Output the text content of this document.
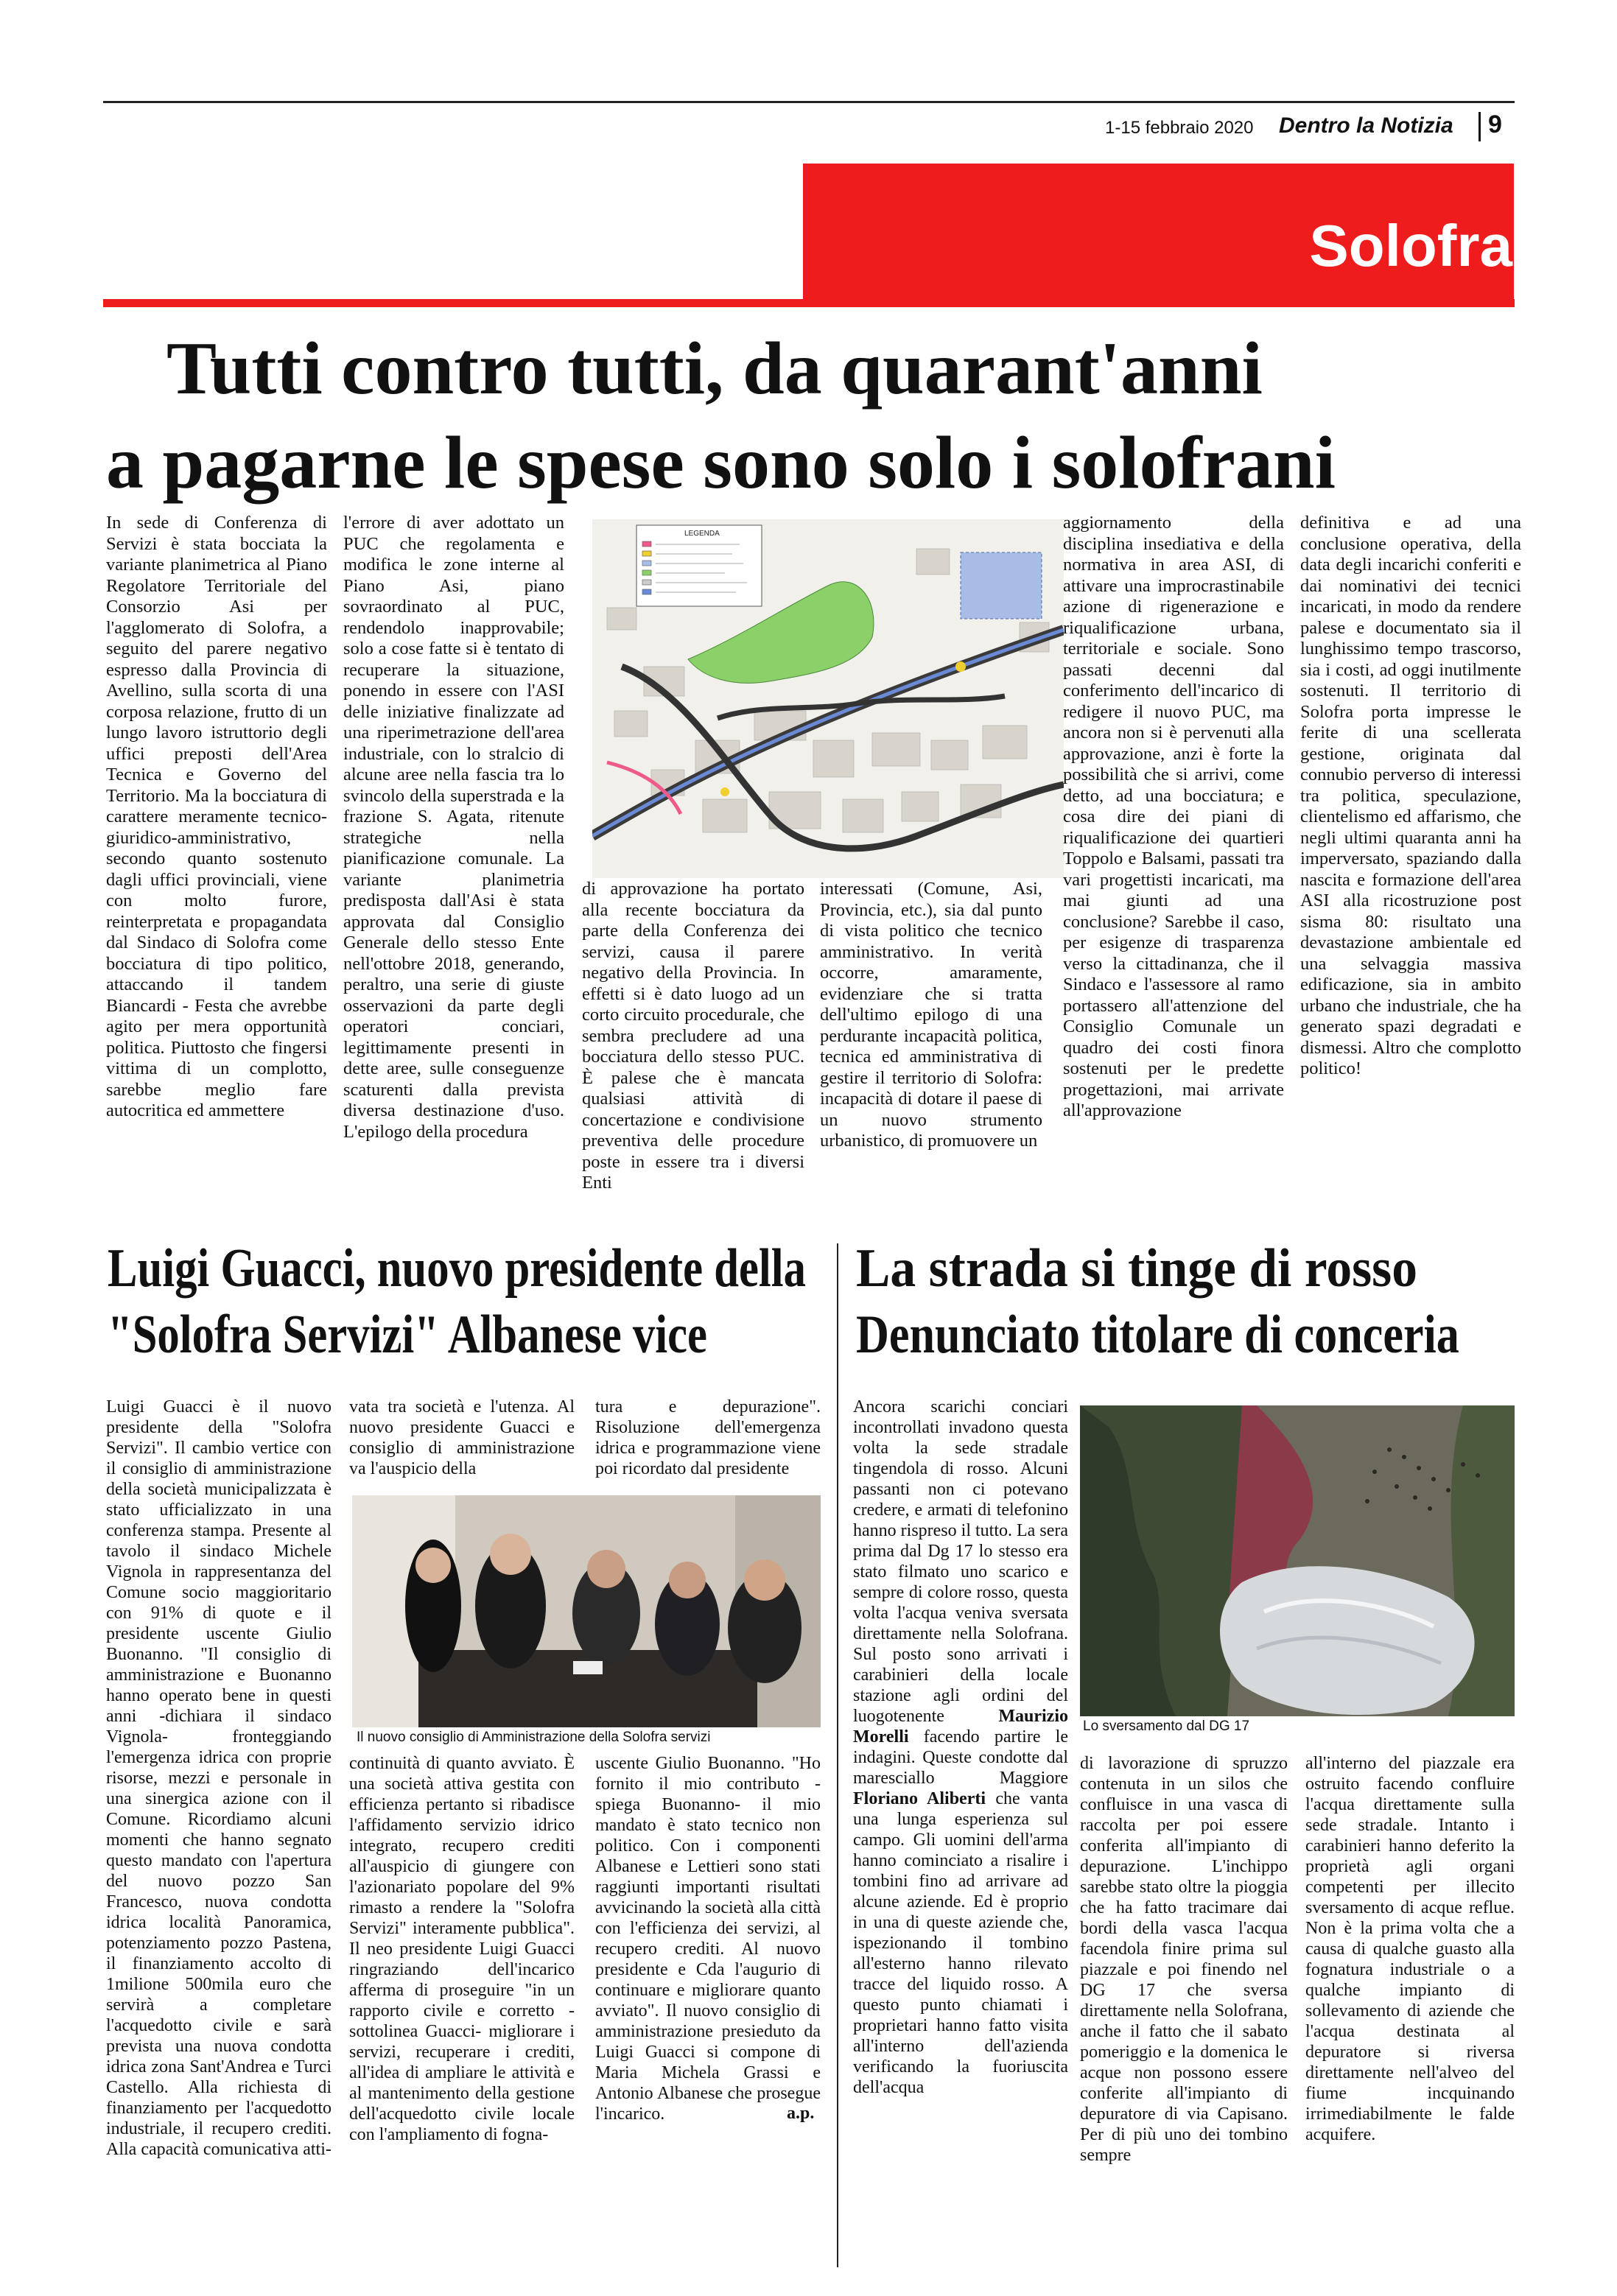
1-15 febbraio 2020 Dentro la Notizia 9
Solofra
Tutti contro tutti, da quarant'anni
a pagarne le spese sono solo i solofrani

In sede di Conferenza di Servizi è stata bocciata la variante planimetrica al Piano Regolatore Territoriale del Consorzio Asi per l'agglomerato di Solofra, a seguito del parere negativo espresso dalla Provincia di Avellino, sulla scorta di una corposa relazione, frutto di un lungo lavoro istruttorio degli uffici preposti dell'Area Tecnica e Governo del Territorio. Ma la bocciatura di carattere meramente tecnico-giuridico-amministrativo, secondo quanto sostenuto dagli uffici provinciali, viene con molto furore, reinterpretata e propagandata dal Sindaco di Solofra come bocciatura di tipo politico, attaccando il tandem Biancardi - Festa che avrebbe agito per mera opportunità politica. Piuttosto che fingersi vittima di un complotto, sarebbe meglio fare autocritica ed ammettere

l'errore di aver adottato un PUC che regolamenta e modifica le zone interne al Piano Asi, piano sovraordinato al PUC, rendendolo inapprovabile; solo a cose fatte si è tentato di recuperare la situazione, ponendo in essere con l'ASI delle iniziative finalizzate ad una riperimetrazione dell'area industriale, con lo stralcio di alcune aree nella fascia tra lo svincolo della superstrada e la frazione S. Agata, ritenute strategiche nella pianificazione comunale. La variante planimetria predisposta dall'Asi è stata approvata dal Consiglio Generale dello stesso Ente nell'ottobre 2018, generando, peraltro, una serie di giuste osservazioni da parte degli operatori conciari, legittimamente presenti in dette aree, sulle conseguenze scaturenti dalla prevista diversa destinazione d'uso. L'epilogo della procedura

LEGENDA

di approvazione ha portato alla recente bocciatura da parte della Conferenza dei servizi, causa il parere negativo della Provincia. In effetti si è dato luogo ad un corto circuito procedurale, che sembra precludere ad una bocciatura dello stesso PUC. È palese che è mancata qualsiasi attività di concertazione e condivisione preventiva delle procedure poste in essere tra i diversi Enti

interessati (Comune, Asi, Provincia, etc.), sia dal punto di vista politico che tecnico amministrativo. In verità occorre, amaramente, evidenziare che si tratta dell'ultimo epilogo di una perdurante incapacità politica, tecnica ed amministrativa di gestire il territorio di Solofra: incapacità di dotare il paese di un nuovo strumento urbanistico, di promuovere un

aggiornamento della disciplina insediativa e della normativa in area ASI, di attivare una improcrastinabile azione di rigenerazione e riqualificazione urbana, territoriale e sociale. Sono passati decenni dal conferimento dell'incarico di redigere il nuovo PUC, ma ancora non si è pervenuti alla approvazione, anzi è forte la possibilità che si arrivi, come detto, ad una bocciatura; e cosa dire dei piani di riqualificazione dei quartieri Toppolo e Balsami, passati tra vari progettisti incaricati, ma mai giunti ad una conclusione? Sarebbe il caso, per esigenze di trasparenza verso la cittadinanza, che il Sindaco e l'assessore al ramo portassero all'attenzione del Consiglio Comunale un quadro dei costi finora sostenuti per le predette progettazioni, mai arrivate all'approvazione

definitiva e ad una conclusione operativa, della data degli incarichi conferiti e dai nominativi dei tecnici incaricati, in modo da rendere palese e documentato sia il lunghissimo tempo trascorso, sia i costi, ad oggi inutilmente sostenuti. Il territorio di Solofra porta impresse le ferite di una scellerata gestione, originata dal connubio perverso di interessi tra politica, speculazione, clientelismo ed affarismo, che negli ultimi quaranta anni ha imperversato, spaziando dalla nascita e formazione dell'area ASI alla ricostruzione post sisma 80: risultato una devastazione ambientale ed una selvaggia massiva edificazione, sia in ambito urbano che industriale, che ha generato spazi degradati e dismessi. Altro che complotto politico!

Luigi Guacci, nuovo presidente della
"Solofra Servizi" Albanese vice

Luigi Guacci è il nuovo presidente della "Solofra Servizi". Il cambio vertice con il consiglio di amministrazione della società municipalizzata è stato ufficializzato in una conferenza stampa. Presente al tavolo il sindaco Michele Vignola in rappresentanza del Comune socio maggioritario con 91% di quote e il presidente uscente Giulio Buonanno. "Il consiglio di amministrazione e Buonanno hanno operato bene in questi anni -dichiara il sindaco Vignola- fronteggiando l'emergenza idrica con proprie risorse, mezzi e personale in una sinergica azione con il Comune. Ricordiamo alcuni momenti che hanno segnato questo mandato con l'apertura del nuovo pozzo San Francesco, nuova condotta idrica località Panoramica, potenziamento pozzo Pastena, il finanziamento accolto di 1milione 500mila euro che servirà a completare l'acquedotto civile e sarà prevista una nuova condotta idrica zona Sant'Andrea e Turci Castello. Alla richiesta di finanziamento per l'acquedotto industriale, il recupero crediti. Alla capacità comunicativa atti-

vata tra società e l'utenza. Al nuovo presidente Guacci e consiglio di amministrazione va l'auspicio della

tura e depurazione". Risoluzione dell'emergenza idrica e programmazione viene poi ricordato dal presidente

Il nuovo consiglio di Amministrazione della Solofra servizi

continuità di quanto avviato. È una società attiva gestita con efficienza pertanto si ribadisce l'affidamento servizio idrico integrato, recupero crediti all'auspicio di giungere con l'azionariato popolare del 9% rimasto a rendere la "Solofra Servizi" interamente pubblica". Il neo presidente Luigi Guacci ringraziando dell'incarico afferma di proseguire "in un rapporto civile e corretto -sottolinea Guacci- migliorare i servizi, recuperare i crediti, all'idea di ampliare le attività e al mantenimento della gestione dell'acquedotto civile locale con l'ampliamento di fogna-

uscente Giulio Buonanno. "Ho fornito il mio contributo -spiega Buonanno- il mio mandato è stato tecnico non politico. Con i componenti Albanese e Lettieri sono stati raggiunti importanti risultati avvicinando la società alla città con l'efficienza dei servizi, al recupero crediti. Al nuovo presidente e Cda l'augurio di continuare e migliorare quanto avviato". Il nuovo consiglio di amministrazione presieduto da Luigi Guacci si compone di Maria Michela Grassi e Antonio Albanese che prosegue l'incarico.	a.p.
La strada si tinge di rosso
Denunciato titolare di conceria

Ancora scarichi conciari incontrollati invadono questa volta la sede stradale tingendola di rosso. Alcuni passanti non ci potevano credere, e armati di telefonino hanno rispreso il tutto. La sera prima dal Dg 17 lo stesso era stato filmato uno scarico e sempre di colore rosso, questa volta l'acqua veniva sversata direttamente nella Solofrana. Sul posto sono arrivati i carabinieri della locale stazione agli ordini del luogotenente	Maurizio Morelli facendo partire le indagini. Queste condotte dal maresciallo Maggiore Floriano Aliberti che vanta una lunga esperienza sul campo. Gli uomini dell'arma hanno cominciato a risalire i tombini fino ad arrivare ad alcune aziende. Ed è proprio in una di queste aziende che, ispezionando il tombino all'esterno hanno rilevato tracce del liquido rosso. A questo punto chiamati i proprietari hanno fatto visita all'interno dell'azienda verificando la fuoriuscita dell'acqua

Lo sversamento dal DG 17

di lavorazione di spruzzo contenuta in un silos che confluisce in una vasca di raccolta per poi essere conferita all'impianto di depurazione. L'inchippo sarebbe stato oltre la pioggia che ha fatto tracimare dai bordi della vasca l'acqua facendola finire prima sul piazzale e poi finendo nel DG 17 che sversa direttamente nella Solofrana, anche il fatto che il sabato pomeriggio e la domenica le acque non possono essere conferite all'impianto di depuratore di via Capisano. Per di più uno dei tombino sempre

all'interno del piazzale era ostruito facendo confluire l'acqua direttamente sulla sede stradale. Intanto i carabinieri hanno deferito la proprietà agli organi competenti per illecito sversamento di acque reflue. Non è la prima volta che a causa di qualche guasto alla fognatura industriale o a qualche impianto di sollevamento di aziende che l'acqua destinata al depuratore si riversa direttamente nell'alveo del fiume incquinando irrimediabilmente le falde acquifere.
